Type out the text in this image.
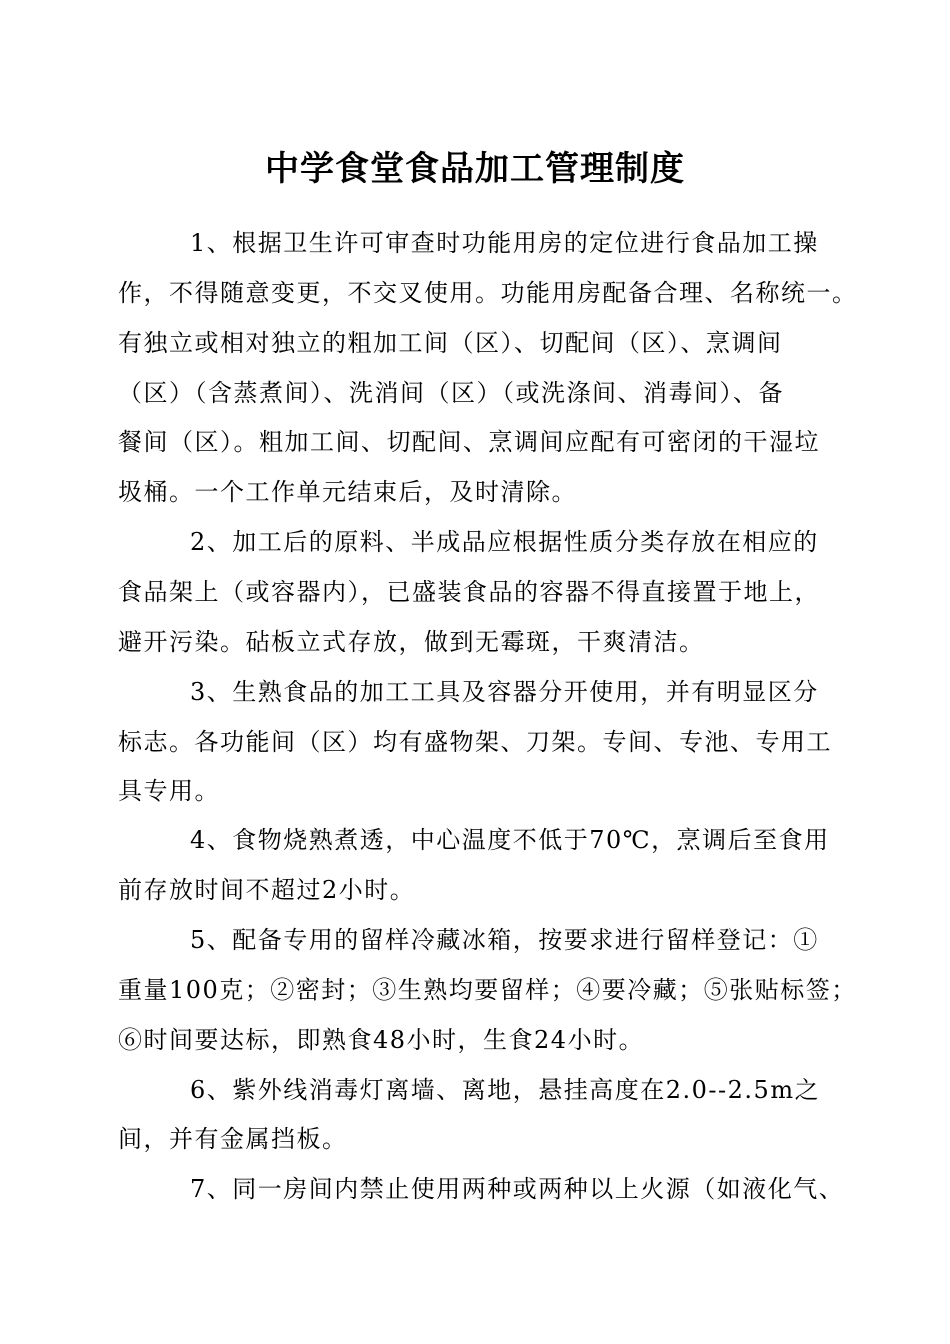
中学食堂食品加工管理制度
1、根据卫生许可审查时功能用房的定位进行食品加工操
作，不得随意变更，不交叉使用。功能用房配备合理、名称统一。
有独立或相对独立的粗加工间（区）、切配间（区）、烹调间
（区）（含蒸煮间）、洗消间（区）（或洗涤间、消毒间）、备
餐间（区）。粗加工间、切配间、烹调间应配有可密闭的干湿垃
圾桶。一个工作单元结束后，及时清除。
2、加工后的原料、半成品应根据性质分类存放在相应的
食品架上（或容器内），已盛装食品的容器不得直接置于地上，
避开污染。砧板立式存放，做到无霉斑，干爽清洁。
3、生熟食品的加工工具及容器分开使用，并有明显区分
标志。各功能间（区）均有盛物架、刀架。专间、专池、专用工
具专用。
4、食物烧熟煮透，中心温度不低于70℃，烹调后至食用
前存放时间不超过2小时。
5、配备专用的留样冷藏冰箱，按要求进行留样登记：①
重量100克；②密封；③生熟均要留样；④要冷藏；⑤张贴标签；
⑥时间要达标，即熟食48小时，生食24小时。
6、紫外线消毒灯离墙、离地，悬挂高度在2.0--2.5m之
间，并有金属挡板。
7、同一房间内禁止使用两种或两种以上火源（如液化气、
